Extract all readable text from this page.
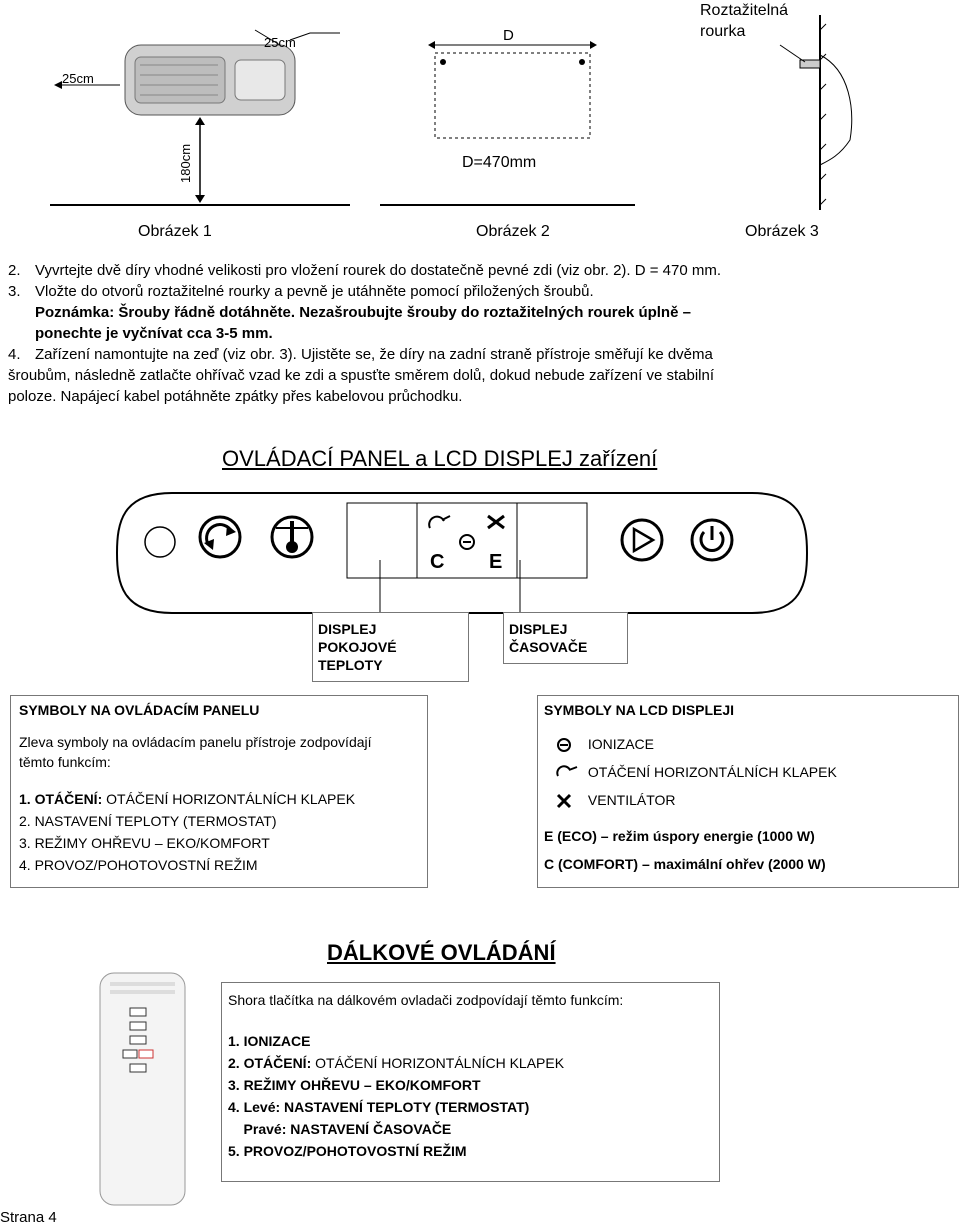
25cm
25cm
180cm
D
D=470mm
Roztažitelná
rourka
Obrázek 1	Obrázek 2	Obrázek 3
2. Vyvrtejte dvě díry vhodné velikosti pro vložení rourek do dostatečně pevné zdi (viz obr. 2). D = 470 mm.
3. Vložte do otvorů roztažitelné rourky a pevně je utáhněte pomocí přiložených šroubů.
Poznámka: Šrouby řádně dotáhněte. Nezašroubujte šrouby do roztažitelných rourek úplně –
ponechte je vyčnívat cca 3-5 mm.
4. Zařízení namontujte na zeď (viz obr. 3). Ujistěte se, že díry na zadní straně přístroje směřují ke dvěma
šroubům, následně zatlačte ohřívač vzad ke zdi a spusťte směrem dolů, dokud nebude zařízení ve stabilní
poloze. Napájecí kabel potáhněte zpátky přes kabelovou průchodku.
OVLÁDACÍ PANEL a LCD DISPLEJ zařízení
C E
DISPLEJ
POKOJOVÉ
TEPLOTY
DISPLEJ
ČASOVAČE
SYMBOLY NA OVLÁDACÍM PANELU
Zleva symboly na ovládacím panelu přístroje zodpovídají
těmto funkcím:
1. OTÁČENÍ: OTÁČENÍ HORIZONTÁLNÍCH KLAPEK
2. NASTAVENÍ TEPLOTY (TERMOSTAT)
3. REŽIMY OHŘEVU – EKO/KOMFORT
4. PROVOZ/POHOTOVOSTNÍ REŽIM
SYMBOLY NA LCD DISPLEJI
IONIZACE
OTÁČENÍ HORIZONTÁLNÍCH KLAPEK
VENTILÁTOR
E (ECO) – režim úspory energie (1000 W)
C (COMFORT) – maximální ohřev (2000 W)
DÁLKOVÉ OVLÁDÁNÍ
Shora tlačítka na dálkovém ovladači zodpovídají těmto funkcím:
1. IONIZACE
2. OTÁČENÍ: OTÁČENÍ HORIZONTÁLNÍCH KLAPEK
3. REŽIMY OHŘEVU – EKO/KOMFORT
4. Levé: NASTAVENÍ TEPLOTY (TERMOSTAT)
Pravé: NASTAVENÍ ČASOVAČE
5. PROVOZ/POHOTOVOSTNÍ REŽIM
Strana 4
